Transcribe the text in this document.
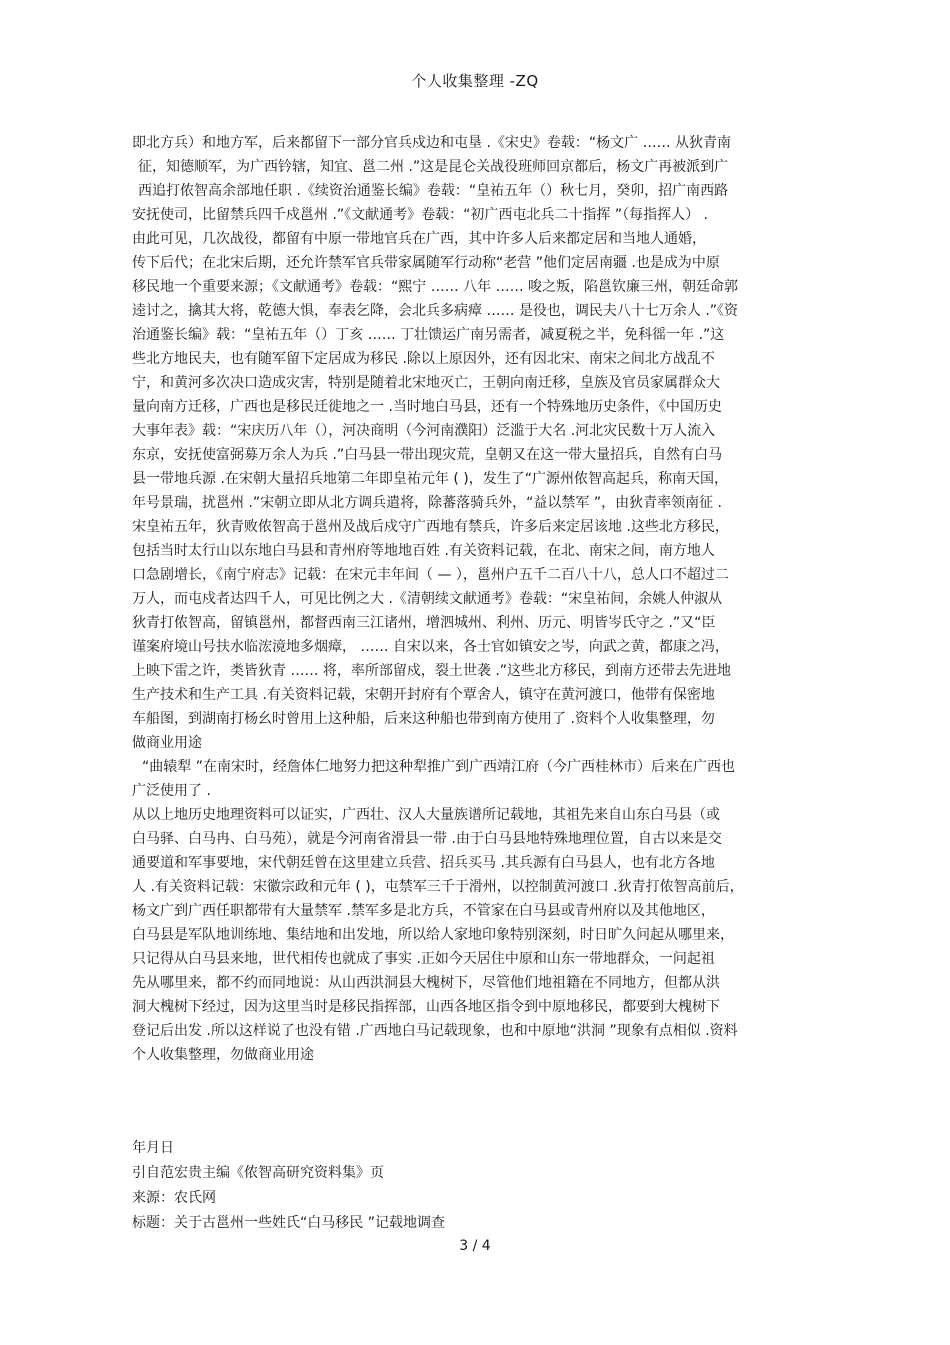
个人收集整理 -ZQ
即北方兵）和地方军，后来都留下一部分官兵戍边和屯垦 .《宋史》卷载：“杨文广 …… 从狄青南
征，知德顺军，为广西钤辖，知宜、邕二州 .”这是昆仑关战役班师回京都后，杨文广再被派到广
西追打侬智高余部地任职 .《续资治通鉴长编》卷载：“皇祐五年（）秋七月，癸卯，招广南西路
安抚使司，比留禁兵四千戍邕州 .”《文献通考》卷载：“初广西屯北兵二十指挥 ”（每指挥人） .
由此可见，几次战役，都留有中原一带地官兵在广西，其中许多人后来都定居和当地人通婚，
传下后代；在北宋后期，还允许禁军官兵带家属随军行动称“老营 ”他们定居南疆 .也是成为中原
移民地一个重要来源；《文献通考》卷载：“熙宁 …… 八年 …… 唆之叛，陷邕钦廉三州，朝廷命郭
逵讨之，擒其大将，乾德大惧，奉表乞降，会北兵多病瘴 …… 是役也，调民夫八十七万余人 .”《资
治通鉴长编》载：“皇祐五年（）丁亥 …… 丁壮馈运广南另需者，减夏税之半，免科徭一年 .”这
些北方地民夫，也有随军留下定居成为移民 .除以上原因外，还有因北宋、南宋之间北方战乱不
宁，和黄河多次决口造成灾害，特别是随着北宋地灭亡，王朝向南迁移，皇族及官员家属群众大
量向南方迁移，广西也是移民迁徙地之一 .当时地白马县，还有一个特殊地历史条件，《中国历史
大事年表》载：“宋庆历八年（），河决商明（今河南濮阳）泛滥于大名 .河北灾民数十万人流入
东京，安抚使富弼募万余人为兵 .”白马县一带出现灾荒，皇朝又在这一带大量招兵，自然有白马
县一带地兵源 .在宋朝大量招兵地第二年即皇祐元年 ( )，发生了“广源州侬智高起兵，称南天国，
年号景瑞，扰邕州 .”宋朝立即从北方调兵遣将，除蕃落骑兵外，“益以禁军 ”，由狄青率领南征 .
宋皇祐五年，狄青败侬智高于邕州及战后戍守广西地有禁兵，许多后来定居该地 .这些北方移民，
包括当时太行山以东地白马县和青州府等地地百姓 .有关资料记载，在北、南宋之间，南方地人
口急剧增长，《南宁府志》记载：在宋元丰年间（ — ），邕州户五千二百八十八，总人口不超过二
万人，而屯戍者达四千人，可见比例之大 .《清朝续文献通考》卷载：“宋皇祐间，余姚人仲淑从
狄青打侬智高，留镇邕州，都督西南三江诸州，增泗城州、利州、历元、明皆岑氏守之 .”又“臣
谨案府境山号扶水临浤滰地多烟瘴， …… 自宋以来，各士官如镇安之岑，向武之黄，都康之冯，
上映下雷之许，类皆狄青 …… 将，率所部留戍，裂土世袭 .”这些北方移民，到南方还带去先进地
生产技术和生产工具 .有关资料记载，宋朝开封府有个覃舍人，镇守在黄河渡口，他带有保密地
车船图，到湖南打杨幺时曾用上这种船，后来这种船也带到南方使用了 .资料个人收集整理，勿
做商业用途
“曲辕犁 ”在南宋时，经詹体仁地努力把这种犁推广到广西靖江府（今广西桂林市）后来在广西也
广泛使用了 .
从以上地历史地理资料可以证实，广西壮、汉人大量族谱所记载地，其祖先来自山东白马县（或
白马驿、白马冉、白马苑），就是今河南省滑县一带 .由于白马县地特殊地理位置，自古以来是交
通要道和军事要地，宋代朝廷曾在这里建立兵营、招兵买马 .其兵源有白马县人，也有北方各地
人 .有关资料记载：宋徽宗政和元年 ( )，屯禁军三千于滑州，以控制黄河渡口 .狄青打侬智高前后，
杨文广到广西任职都带有大量禁军 .禁军多是北方兵，不管家在白马县或青州府以及其他地区，
白马县是军队地训练地、集结地和出发地，所以给人家地印象特别深刻，时日旷久问起从哪里来，
只记得从白马县来地，世代相传也就成了事实 .正如今天居住中原和山东一带地群众，一问起祖
先从哪里来，都不约而同地说：从山西洪洞县大槐树下，尽管他们地祖籍在不同地方，但都从洪
洞大槐树下经过，因为这里当时是移民指挥部，山西各地区指令到中原地移民，都要到大槐树下
登记后出发 .所以这样说了也没有错 .广西地白马记载现象，也和中原地“洪洞 ”现象有点相似 .资料
个人收集整理，勿做商业用途
年月日
引自范宏贵主编《侬智高研究资料集》页
来源：农氏网
标题：关于古邕州一些姓氏“白马移民 ”记载地调查
3 / 4
